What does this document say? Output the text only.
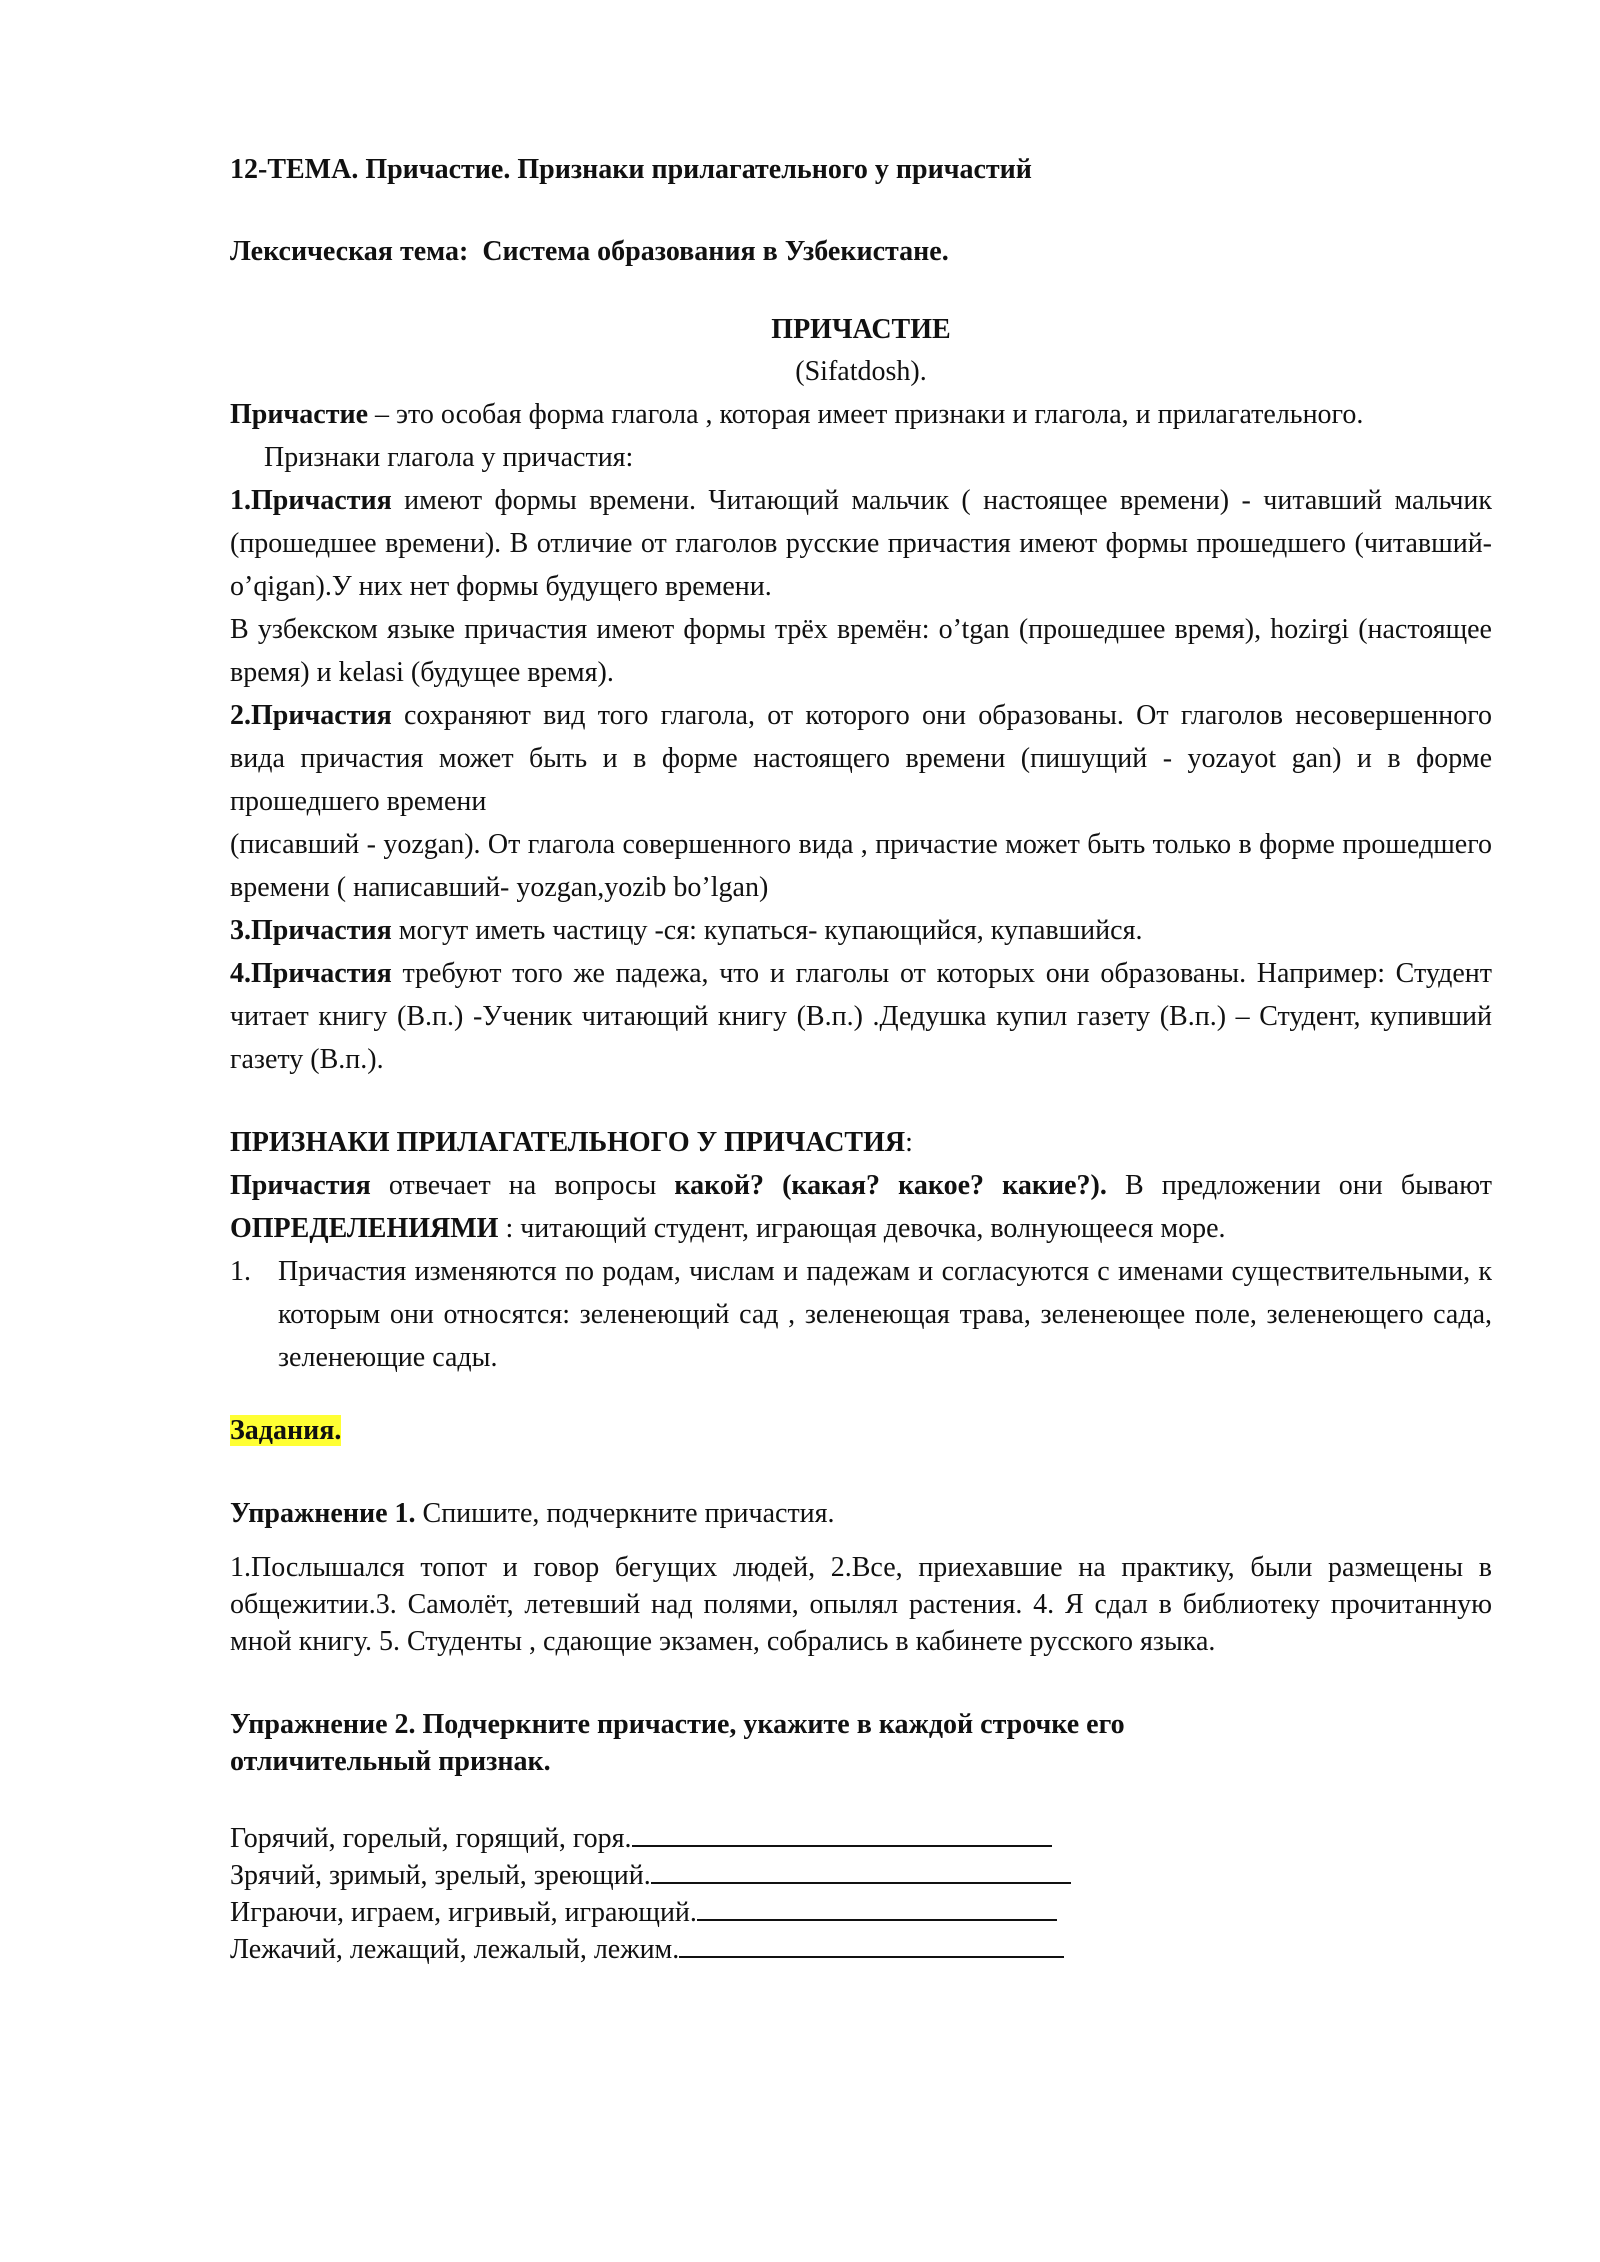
12-ТЕМА. Причастие. Признаки прилагательного у причастий

Лексическая тема: Система образования в Узбекистане.

ПРИЧАСТИЕ

(Sifatdosh).

Причастие – это особая форма глагола , которая имеет признаки и глагола, и прилагательного.

Признаки глагола у причастия:

1.Причастия имеют формы времени. Читающий мальчик ( настоящее времени) - читавший мальчик (прошедшее времени). В отличие от глаголов русские причастия имеют формы прошедшего (читавший- o’qigan).У них нет формы будущего времени.

В узбекском языке причастия имеют формы трёх времён: o’tgan (прошедшее время), hozirgi (настоящее время) и kelasi (будущее время).

2.Причастия сохраняют вид того глагола, от которого они образованы. От глаголов несовершенного вида причастия может быть и в форме настоящего времени (пишущий - yozayot gan) и в форме прошедшего времени

(писавший - yozgan). От глагола совершенного вида , причастие может быть только в форме прошедшего времени ( написавший- yozgan,yozib bo’lgan)

3.Причастия могут иметь частицу -ся: купаться- купающийся, купавшийся.

4.Причастия требуют того же падежа, что и глаголы от которых они образованы. Например: Студент читает книгу (В.п.) -Ученик читающий книгу (В.п.) .Дедушка купил газету (В.п.) – Студент, купивший газету (В.п.).

ПРИЗНАКИ ПРИЛАГАТЕЛЬНОГО У ПРИЧАСТИЯ:

Причастия отвечает на вопросы какой? (какая? какое? какие?). В предложении они бывают ОПРЕДЕЛЕНИЯМИ : читающий студент, играющая девочка, волнующееся море.

1. Причастия изменяются по родам, числам и падежам и согласуются с именами существительными, к которым они относятся: зеленеющий сад , зеленеющая трава, зеленеющее поле, зеленеющего сада, зеленеющие сады.

Задания.

Упражнение 1. Спишите, подчеркните причастия.

1.Послышался топот и говор бегущих людей, 2.Все, приехавшие на практику, были размещены в общежитии.3. Самолёт, летевший над полями, опылял растения. 4. Я сдал в библиотеку прочитанную мной книгу. 5. Студенты , сдающие экзамен, собрались в кабинете русского языка.

Упражнение 2. Подчеркните причастие, укажите в каждой строчке его отличительный признак.

Горячий, горелый, горящий, горя.
Зрячий, зримый, зрелый, зреющий.
Играючи, играем, игривый, играющий.
Лежачий, лежащий, лежалый, лежим.
